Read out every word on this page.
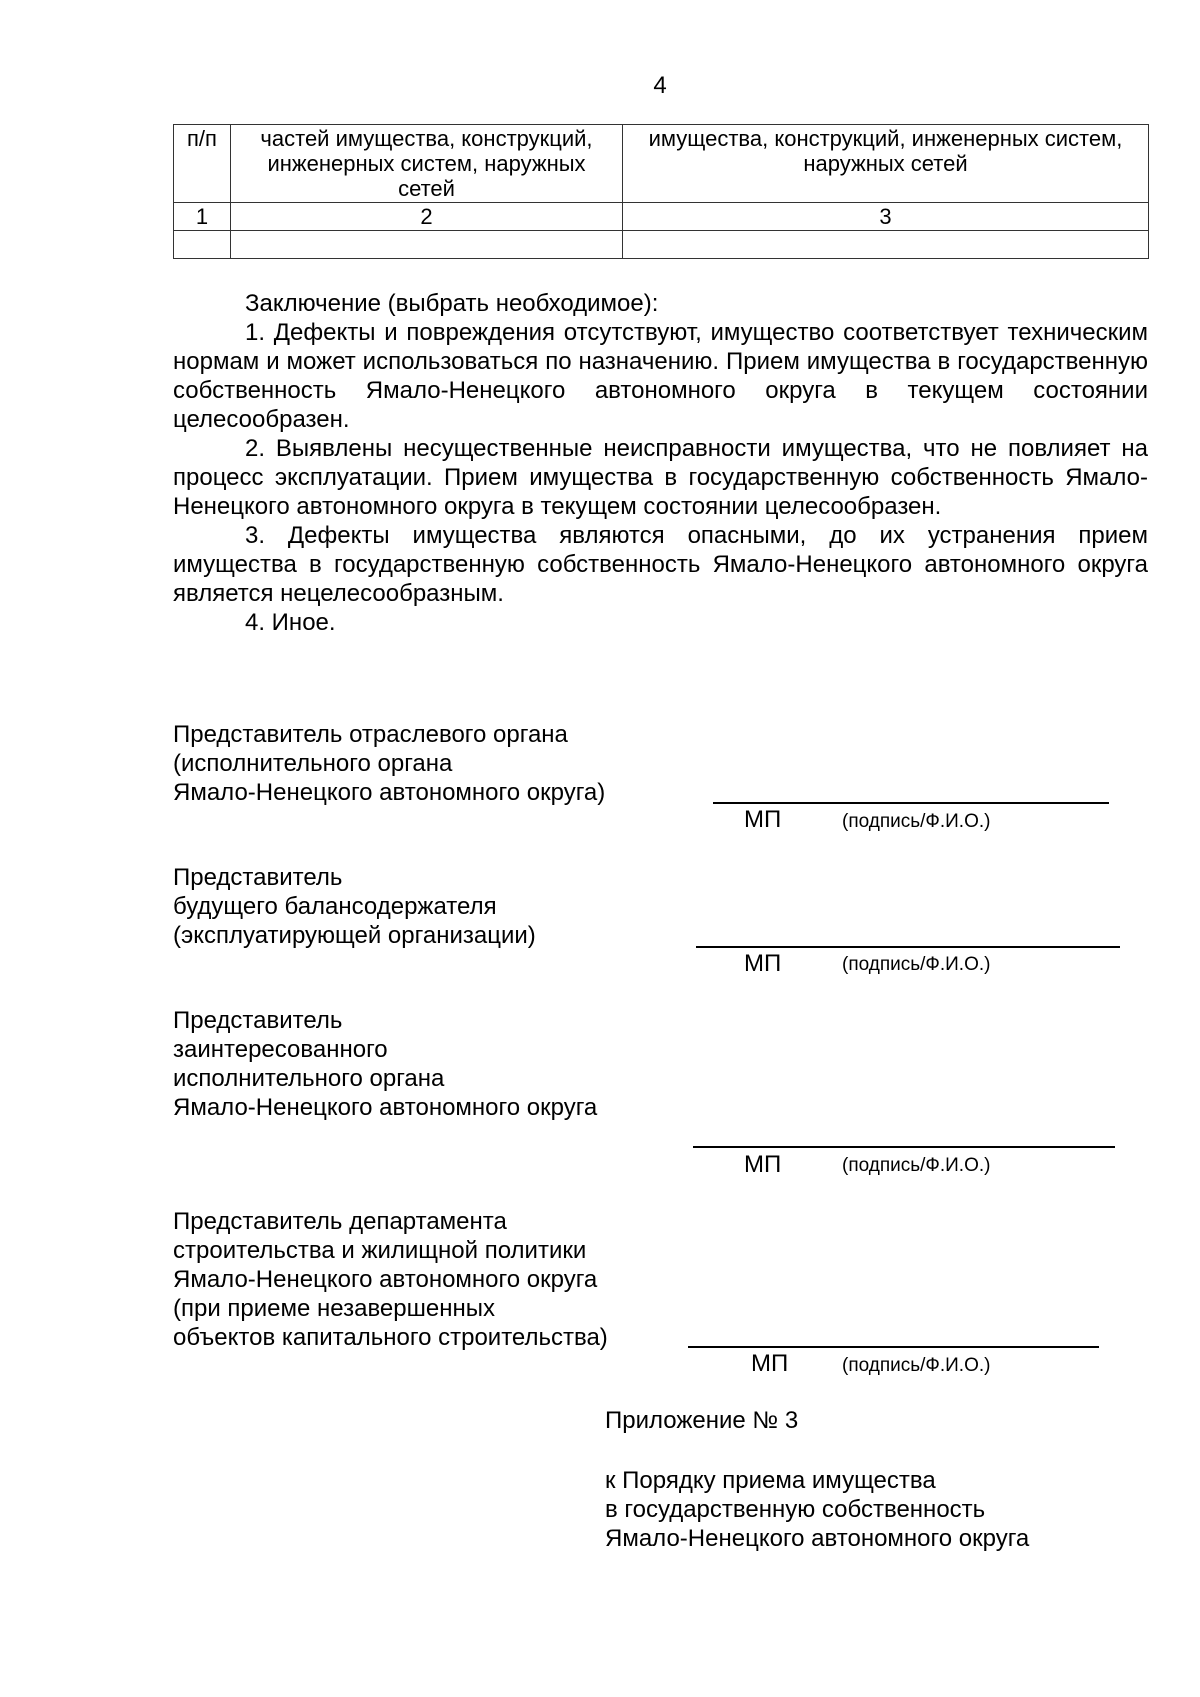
4
п/п	частей имущества, конструкций, инженерных систем, наружных сетей	имущества, конструкций, инженерных систем, наружных сетей
1	2	3

Заключение (выбрать необходимое):

1. Дефекты и повреждения отсутствуют, имущество соответствует техническим нормам и может использоваться по назначению. Прием имущества в государственную собственность Ямало-Ненецкого автономного округа в текущем состоянии целесообразен.

2. Выявлены несущественные неисправности имущества, что не повлияет на процесс эксплуатации. Прием имущества в государственную собственность Ямало-Ненецкого автономного округа в текущем состоянии целесообразен.

3. Дефекты имущества являются опасными, до их устранения прием имущества в государственную собственность Ямало-Ненецкого автономного округа является нецелесообразным.

4. Иное.

Представитель отраслевого органа
(исполнительного органа
Ямало-Ненецкого автономного округа)
МП	(подпись/Ф.И.О.)
Представитель
будущего балансодержателя
(эксплуатирующей организации)
МП	(подпись/Ф.И.О.)
Представитель
заинтересованного
исполнительного органа
Ямало-Ненецкого автономного округа
МП	(подпись/Ф.И.О.)
Представитель департамента
строительства и жилищной политики
Ямало-Ненецкого автономного округа
(при приеме незавершенных
объектов капитального строительства)
МП	(подпись/Ф.И.О.)
Приложение № 3
к Порядку приема имущества
в государственную собственность
Ямало-Ненецкого автономного округа
